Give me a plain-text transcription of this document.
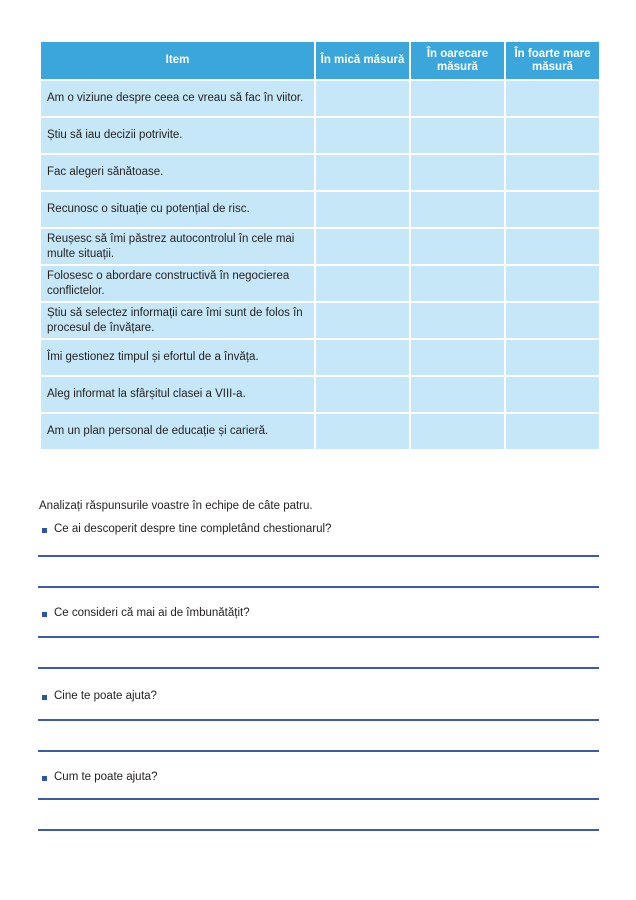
Item	În mică măsură	În oarecare măsură	În foarte mare măsură
Am o viziune despre ceea ce vreau să fac în viitor.			
Știu să iau decizii potrivite.			
Fac alegeri sănătoase.			
Recunosc o situație cu potențial de risc.			
Reușesc să îmi păstrez autocontrolul în cele mai multe situații.			
Folosesc o abordare constructivă în negocierea conflictelor.			
Știu să selectez informații care îmi sunt de folos în procesul de învățare.			
Îmi gestionez timpul și efortul de a învăța.			
Aleg informat la sfârșitul clasei a VIII-a.			
Am un plan personal de educație și carieră.			
Analizați răspunsurile voastre în echipe de câte patru.
Ce ai descoperit despre tine completând chestionarul?
Ce consideri că mai ai de îmbunătățit?
Cine te poate ajuta?
Cum te poate ajuta?
